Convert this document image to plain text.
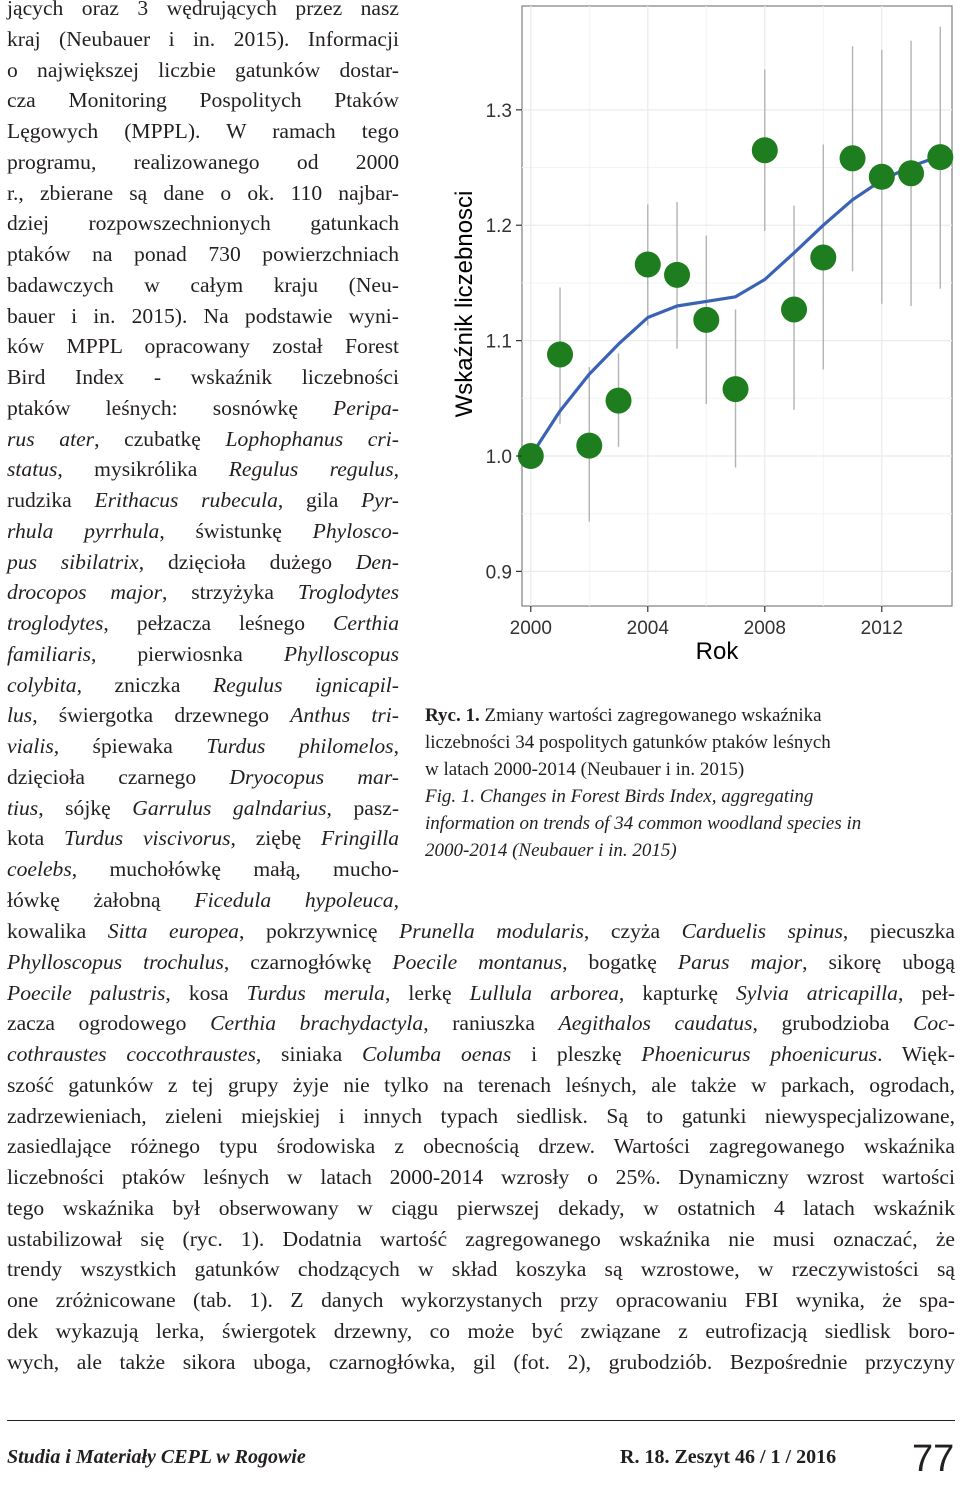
jących oraz 3 wędrujących przez nasz
kraj (Neubauer i in. 2015). Informacji
o największej liczbie gatunków dostar-
cza Monitoring Pospolitych Ptaków
Lęgowych (MPPL). W ramach tego
programu, realizowanego od 2000
r., zbierane są dane o ok. 110 najbar-
dziej rozpowszechnionych gatunkach
ptaków na ponad 730 powierzchniach
badawczych w całym kraju (Neu-
bauer i in. 2015). Na podstawie wyni-
ków MPPL opracowany został Forest
Bird Index - wskaźnik liczebności
ptaków leśnych: sosnówkę Peripa-
rus ater, czubatkę Lophophanus cri-
status, mysikrólika Regulus regulus,
rudzika Erithacus rubecula, gila Pyr-
rhula pyrrhula, świstunkę Phylosco-
pus sibilatrix, dzięcioła dużego Den-
drocopos major, strzyżyka Troglodytes
troglodytes, pełzacza leśnego Certhia
familiaris, pierwiosnka Phylloscopus
colybita, zniczka Regulus ignicapil-
lus, świergotka drzewnego Anthus tri-
vialis, śpiewaka Turdus philomelos,
dzięcioła czarnego Dryocopus mar-
tius, sójkę Garrulus galndarius, pasz-
kota Turdus viscivorus, ziębę Fringilla
coelebs, muchołówkę małą, mucho-
łówkę żałobną Ficedula hypoleuca,
0.9
1.0
1.1
1.2
1.3
2000	2004	2008	2012
Wskaźnik liczebnosci
Rok
Ryc. 1. Zmiany wartości zagregowanego wskaźnika
liczebności 34 pospolitych gatunków ptaków leśnych
w latach 2000-2014 (Neubauer i in. 2015)
Fig. 1. Changes in Forest Birds Index, aggregating
information on trends of 34 common woodland species in
2000-2014 (Neubauer i in. 2015)
kowalika Sitta europea, pokrzywnicę Prunella modularis, czyża Carduelis spinus, piecuszka
Phylloscopus trochulus, czarnogłówkę Poecile montanus, bogatkę Parus major, sikorę ubogą
Poecile palustris, kosa Turdus merula, lerkę Lullula arborea, kapturkę Sylvia atricapilla, peł-
zacza ogrodowego Certhia brachydactyla, raniuszka Aegithalos caudatus, grubodzioba Coc-
cothraustes coccothraustes, siniaka Columba oenas i pleszkę Phoenicurus phoenicurus. Więk-
szość gatunków z tej grupy żyje nie tylko na terenach leśnych, ale także w parkach, ogrodach,
zadrzewieniach, zieleni miejskiej i innych typach siedlisk. Są to gatunki niewyspecjalizowane,
zasiedlające różnego typu środowiska z obecnością drzew. Wartości zagregowanego wskaźnika
liczebności ptaków leśnych w latach 2000-2014 wzrosły o 25%. Dynamiczny wzrost wartości
tego wskaźnika był obserwowany w ciągu pierwszej dekady, w ostatnich 4 latach wskaźnik
ustabilizował się (ryc. 1). Dodatnia wartość zagregowanego wskaźnika nie musi oznaczać, że
trendy wszystkich gatunków chodzących w skład koszyka są wzrostowe, w rzeczywistości są
one zróżnicowane (tab. 1). Z danych wykorzystanych przy opracowaniu FBI wynika, że spa-
dek wykazują lerka, świergotek drzewny, co może być związane z eutrofizacją siedlisk boro-
wych, ale także sikora uboga, czarnogłówka, gil (fot. 2), grubodziób. Bezpośrednie przyczyny
Studia i Materiały CEPL w Rogowie	R. 18. Zeszyt 46 / 1 / 2016 77
